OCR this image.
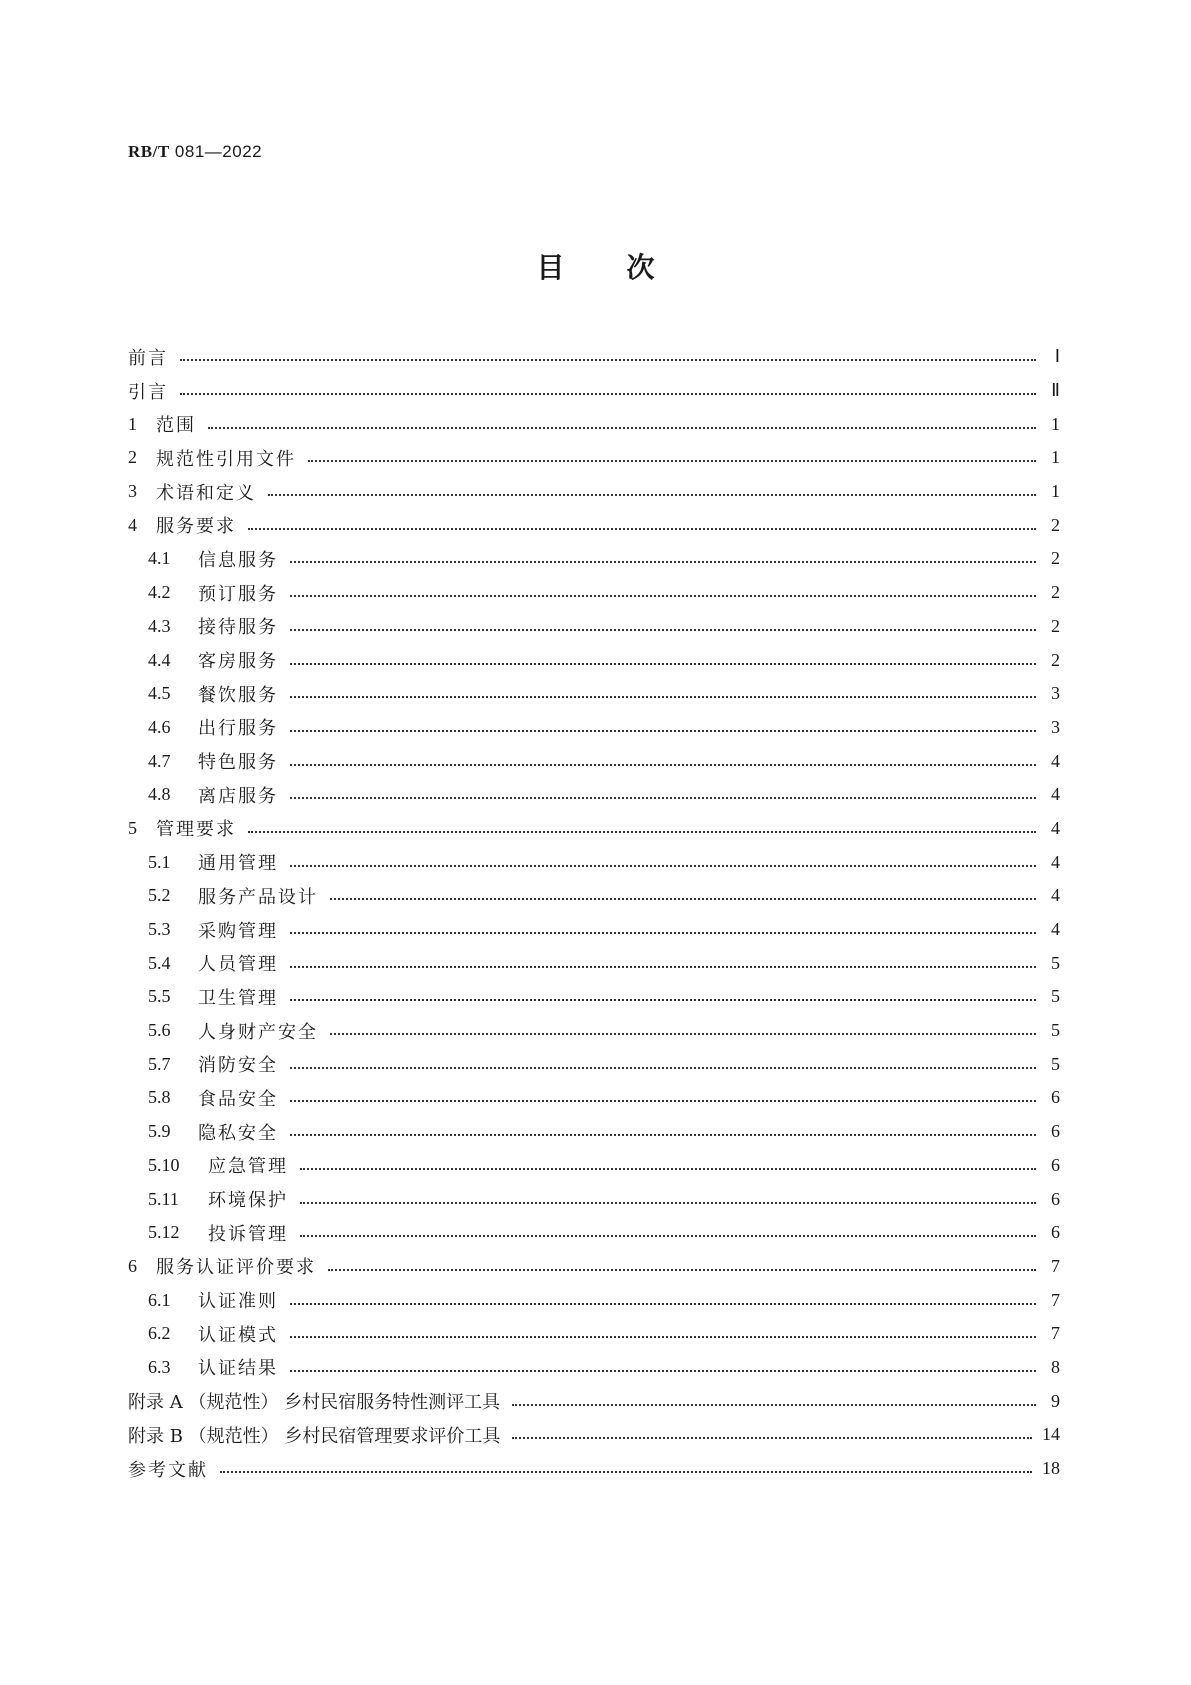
RB/T 081—2022
目 次
前言	Ⅰ
引言	Ⅱ
1	范围	1
2	规范性引用文件	1
3	术语和定义	1
4	服务要求	2
4.1	信息服务	2
4.2	预订服务	2
4.3	接待服务	2
4.4	客房服务	2
4.5	餐饮服务	3
4.6	出行服务	3
4.7	特色服务	4
4.8	离店服务	4
5	管理要求	4
5.1	通用管理	4
5.2	服务产品设计	4
5.3	采购管理	4
5.4	人员管理	5
5.5	卫生管理	5
5.6	人身财产安全	5
5.7	消防安全	5
5.8	食品安全	6
5.9	隐私安全	6
5.10	应急管理	6
5.11	环境保护	6
5.12	投诉管理	6
6	服务认证评价要求	7
6.1	认证准则	7
6.2	认证模式	7
6.3	认证结果	8
附录 A （规范性） 乡村民宿服务特性测评工具	9
附录 B （规范性） 乡村民宿管理要求评价工具	14
参考文献	18
